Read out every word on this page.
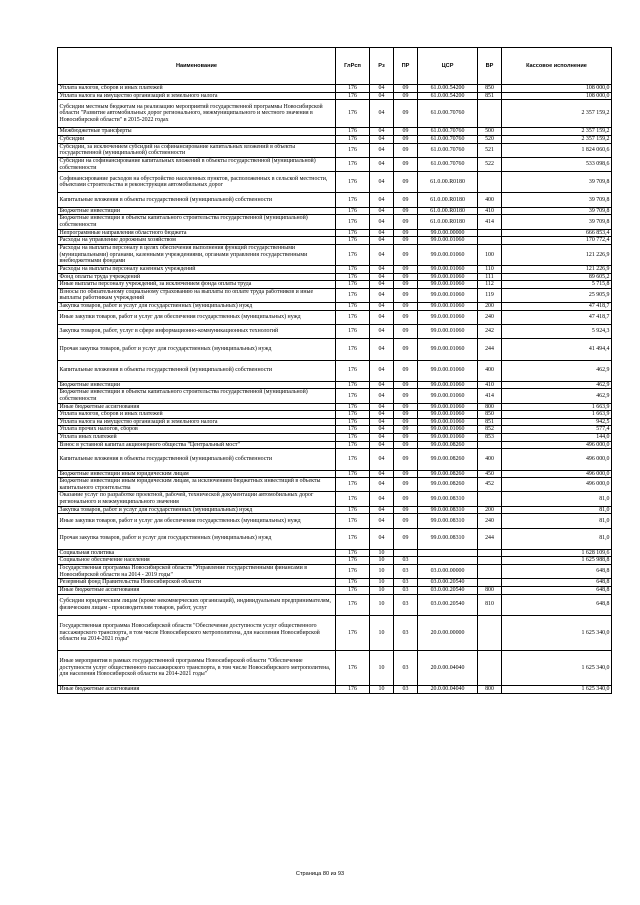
Наименование	ГлРсп	Рз	ПР	ЦСР	ВР	Кассовое исполнение
Уплата налогов, сборов и иных платежей	176	04	09	61.0.00.54200	850	108 000,0
Уплата налога на имущество организаций и земельного налога	176	04	09	61.0.00.54200	851	108 000,0
Субсидии местным бюджетам на реализацию мероприятий государственной программы Новосибирской области "Развитие автомобильных дорог регионального, межмуниципального и местного значения в Новосибирской области" в 2015-2022 годах	176	04	09	61.0.00.70760		2 357 159,2
Межбюджетные трансферты	176	04	09	61.0.00.70760	500	2 357 159,2
Субсидии	176	04	09	61.0.00.70760	520	2 357 159,2
Субсидии, за исключением субсидий на софинансирование капитальных вложений в объекты государственной (муниципальной) собственности	176	04	09	61.0.00.70760	521	1 824 060,6
Субсидии на софинансирование капитальных вложений в объекты государственной (муниципальной) собственности	176	04	09	61.0.00.70760	522	533 098,6
Софинансирование расходов на обустройство населенных пунктов, расположенных в сельской местности, объектами строительства и реконструкции автомобильных дорог	176	04	09	61.0.00.R0180		39 709,8
Капитальные вложения в объекты государственной (муниципальной) собственности	176	04	09	61.0.00.R0180	400	39 709,8
Бюджетные инвестиции	176	04	09	61.0.00.R0180	410	39 709,8
Бюджетные инвестиции в объекты капитального строительства государственной (муниципальной) собственности	176	04	09	61.0.00.R0180	414	39 709,8
Непрограммные направления областного бюджета	176	04	09	99.0.00.00000		666 853,4
Расходы на управление дорожным хозяйством	176	04	09	99.0.00.01060		170 772,4
Расходы на выплаты персоналу в целях обеспечения выполнения функций государственными (муниципальными) органами, казенными учреждениями, органами управления государственными внебюджетными фондами	176	04	09	99.0.00.01060	100	121 226,9
Расходы на выплаты персоналу казенных учреждений	176	04	09	99.0.00.01060	110	121 226,9
Фонд оплаты труда учреждений	176	04	09	99.0.00.01060	111	89 605,2
Иные выплаты персоналу учреждений, за исключением фонда оплаты труда	176	04	09	99.0.00.01060	112	5 715,8
Взносы по обязательному социальному страхованию на выплаты по оплате труда работников и иные выплаты работникам учреждений	176	04	09	99.0.00.01060	119	25 905,9
Закупка товаров, работ и услуг для государственных (муниципальных) нужд	176	04	09	99.0.00.01060	200	47 418,7
Иные закупки товаров, работ и услуг для обеспечения государственных (муниципальных) нужд	176	04	09	99.0.00.01060	240	47 418,7
Закупка товаров, работ, услуг в сфере информационно-коммуникационных технологий	176	04	09	99.0.00.01060	242	5 924,3
Прочая закупка товаров, работ и услуг для государственных (муниципальных) нужд	176	04	09	99.0.00.01060	244	41 494,4
Капитальные вложения в объекты государственной (муниципальной) собственности	176	04	09	99.0.00.01060	400	462,9
Бюджетные инвестиции	176	04	09	99.0.00.01060	410	462,9
Бюджетные инвестиции в объекты капитального строительства государственной (муниципальной) собственности	176	04	09	99.0.00.01060	414	462,9
Иные бюджетные ассигнования	176	04	09	99.0.00.01060	800	1 663,9
Уплата налогов, сборов и иных платежей	176	04	09	99.0.00.01060	850	1 663,9
Уплата налога на имущество организаций и земельного налога	176	04	09	99.0.00.01060	851	942,5
Уплата прочих налогов, сборов	176	04	09	99.0.00.01060	852	577,4
Уплата иных платежей	176	04	09	99.0.00.01060	853	144,0
Взнос в уставной капитал акционерного общества "Центральный мост"	176	04	09	99.0.00.08260		496 000,0
Капитальные вложения в объекты государственной (муниципальной) собственности	176	04	09	99.0.00.08260	400	496 000,0
Бюджетные инвестиции иным юридическим лицам	176	04	09	99.0.00.08260	450	496 000,0
Бюджетные инвестиции иным юридическим лицам, за исключением бюджетных инвестиций в объекты капитального строительства	176	04	09	99.0.00.08260	452	496 000,0
Оказание услуг по разработке проектной, рабочей, технической документации автомобильных дорог регионального и межмуниципального значения	176	04	09	99.0.00.08310		81,0
Закупка товаров, работ и услуг для государственных (муниципальных) нужд	176	04	09	99.0.00.08310	200	81,0
Иные закупки товаров, работ и услуг для обеспечения государственных (муниципальных) нужд	176	04	09	99.0.00.08310	240	81,0
Прочая закупка товаров, работ и услуг для государственных (муниципальных) нужд	176	04	09	99.0.00.08310	244	81,0
Социальная политика	176	10				1 628 109,6
Социальное обеспечение населения	176	10	03			1 625 988,8
Государственная программа Новосибирской области "Управление государственными финансами в Новосибирской области на 2014 - 2019 годы"	176	10	03	03.0.00.00000		648,8
Резервный фонд Правительства Новосибирской области	176	10	03	03.0.00.20540		648,8
Иные бюджетные ассигнования	176	10	03	03.0.00.20540	800	648,8
Субсидии юридическим лицам (кроме некоммерческих организаций), индивидуальным предпринимателям, физическим лицам - производителям товаров, работ, услуг	176	10	03	03.0.00.20540	810	648,8
Государственная программа Новосибирской области "Обеспечение доступности услуг общественного пассажирского транспорта, в том числе Новосибирского метрополитена, для населения Новосибирской области на 2014-2021 годы"	176	10	03	20.0.00.00000		1 625 340,0
Иные мероприятия в рамках государственной программы Новосибирской области "Обеспечение доступности услуг общественного пассажирского транспорта, в том числе Новосибирского метрополитена, для населения Новосибирской области на 2014-2021 годы"	176	10	03	20.0.00.04040		1 625 340,0
Иные бюджетные ассигнования	176	10	03	20.0.00.04040	800	1 625 340,0
Страница 80 из 93
